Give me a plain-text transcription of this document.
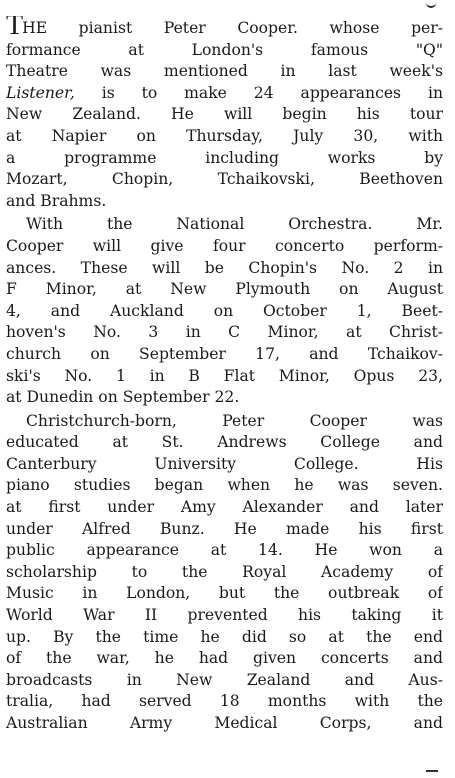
THE pianist Peter Cooper. whose per-
formance at London's famous "Q"
Theatre was mentioned in last week's
Listener, is to make 24 appearances in
New Zealand. He will begin his tour
at Napier on Thursday, July 30, with
a programme including works by
Mozart, Chopin, Tchaikovski, Beethoven
and Brahms.

With the National Orchestra. Mr.
Cooper will give four concerto perform-
ances. These will be Chopin's No. 2 in
F Minor, at New Plymouth on August
4, and Auckland on October 1, Beet-
hoven's No. 3 in C Minor, at Christ-
church on September 17, and Tchaikov-
ski's No. 1 in B Flat Minor, Opus 23,
at Dunedin on September 22.

Christchurch-born, Peter Cooper was
educated at St. Andrews College and
Canterbury University College. His
piano studies began when he was seven.
at first under Amy Alexander and later
under Alfred Bunz. He made his first
public appearance at 14. He won a
scholarship to the Royal Academy of
Music in London, but the outbreak of
World War II prevented his taking it
up. By the time he did so at the end
of the war, he had given concerts and
broadcasts in New Zealand and Aus-
tralia, had served 18 months with the
Australian Army Medical Corps, and
